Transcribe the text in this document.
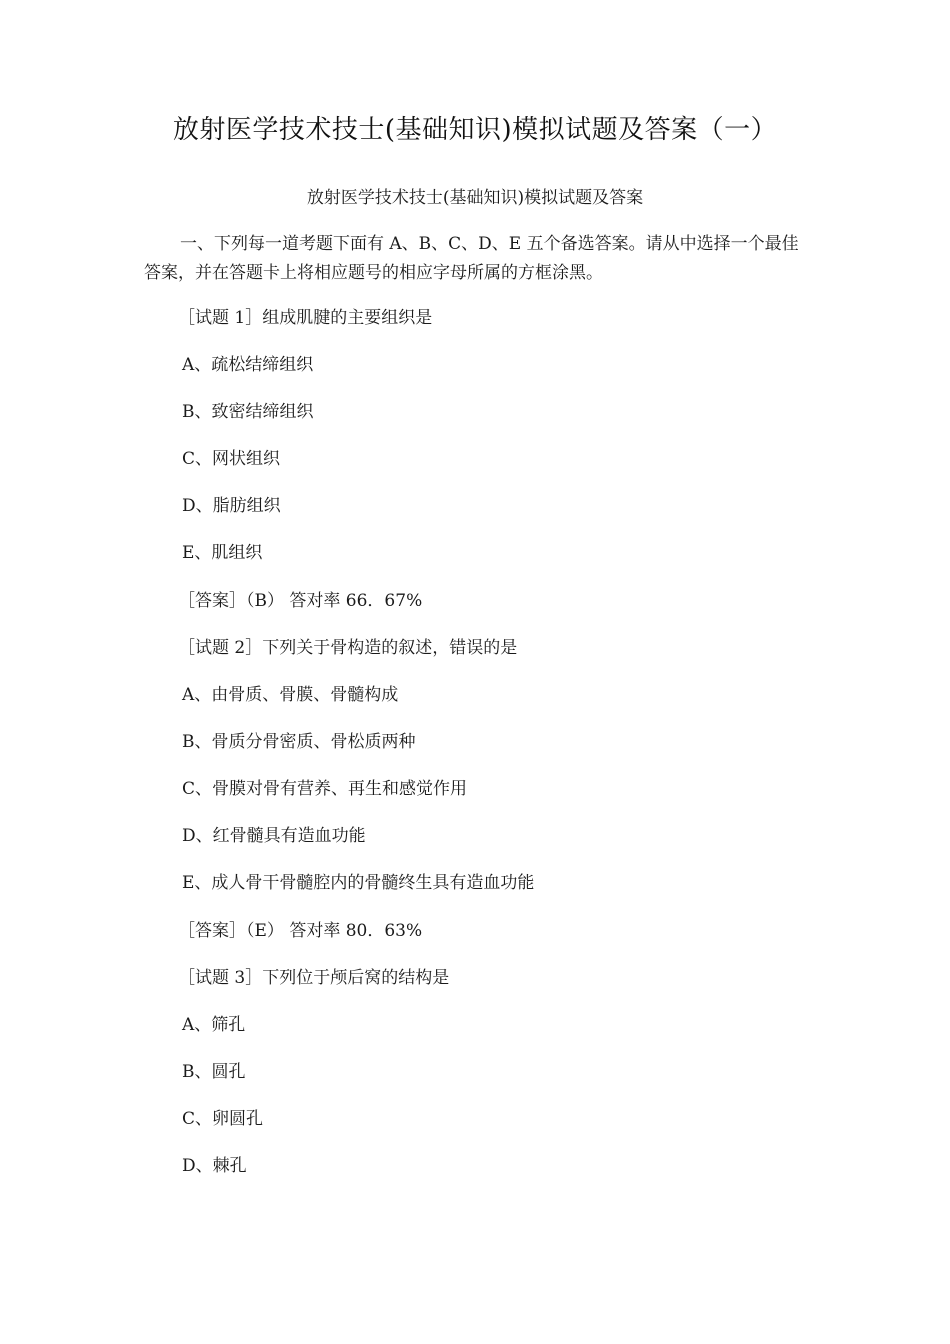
放射医学技术技士(基础知识)模拟试题及答案（一）
放射医学技术技士(基础知识)模拟试题及答案
一、下列每一道考题下面有 A、B、C、D、E 五个备选答案。请从中选择一个最佳答案，并在答题卡上将相应题号的相应字母所属的方框涂黑。
［试题 1］组成肌腱的主要组织是
A、疏松结缔组织
B、致密结缔组织
C、网状组织
D、脂肪组织
E、肌组织
［答案］（B） 答对率 66．67%
［试题 2］下列关于骨构造的叙述，错误的是
A、由骨质、骨膜、骨髓构成
B、骨质分骨密质、骨松质两种
C、骨膜对骨有营养、再生和感觉作用
D、红骨髓具有造血功能
E、成人骨干骨髓腔内的骨髓终生具有造血功能
［答案］（E） 答对率 80．63%
［试题 3］下列位于颅后窝的结构是
A、筛孔
B、圆孔
C、卵圆孔
D、棘孔
